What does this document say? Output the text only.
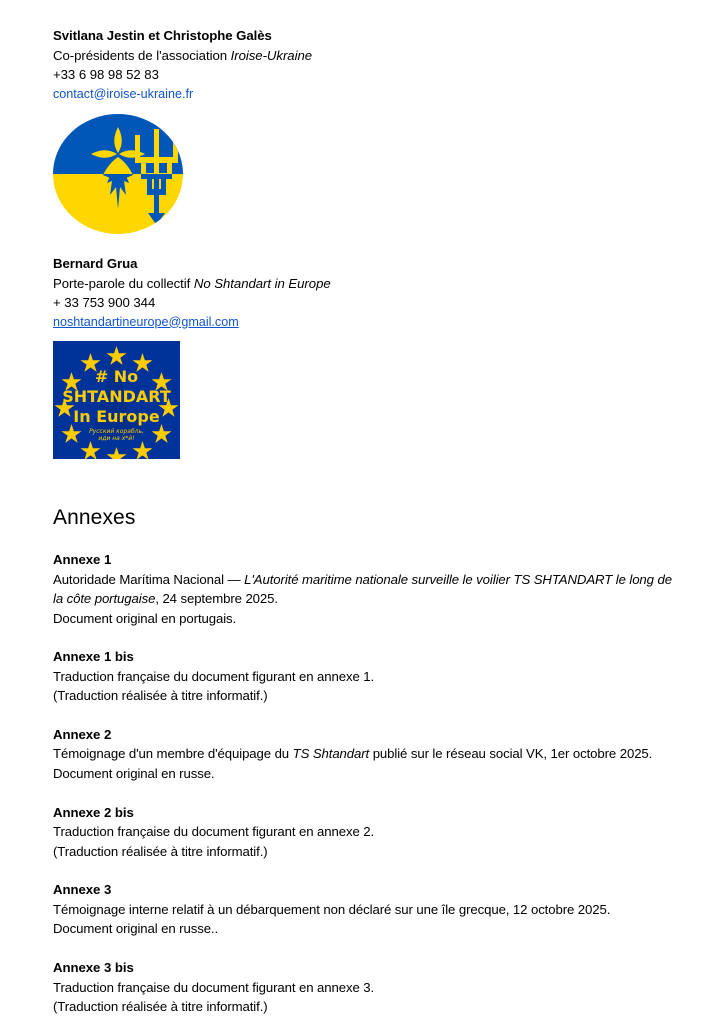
Svitlana Jestin et Christophe Galès
Co-présidents de l'association Iroise-Ukraine
+33 6 98 98 52 83
contact@iroise-ukraine.fr
Bernard Grua
Porte-parole du collectif No Shtandart in Europe
+ 33 753 900 344
noshtandartineurope@gmail.com
# No
SHTANDART
In Europe
Русский корабль,
иди на х*й!
Annexes
Annexe 1
Autoridade Marítima Nacional — L'Autorité maritime nationale surveille le voilier TS SHTANDART le long de la côte portugaise, 24 septembre 2025.
Document original en portugais.
Annexe 1 bis
Traduction française du document figurant en annexe 1.
(Traduction réalisée à titre informatif.)
Annexe 2
Témoignage d'un membre d'équipage du TS Shtandart publié sur le réseau social VK, 1er octobre 2025.
Document original en russe.
Annexe 2 bis
Traduction française du document figurant en annexe 2.
(Traduction réalisée à titre informatif.)
Annexe 3
Témoignage interne relatif à un débarquement non déclaré sur une île grecque, 12 octobre 2025.
Document original en russe..
Annexe 3 bis
Traduction française du document figurant en annexe 3.
(Traduction réalisée à titre informatif.)
